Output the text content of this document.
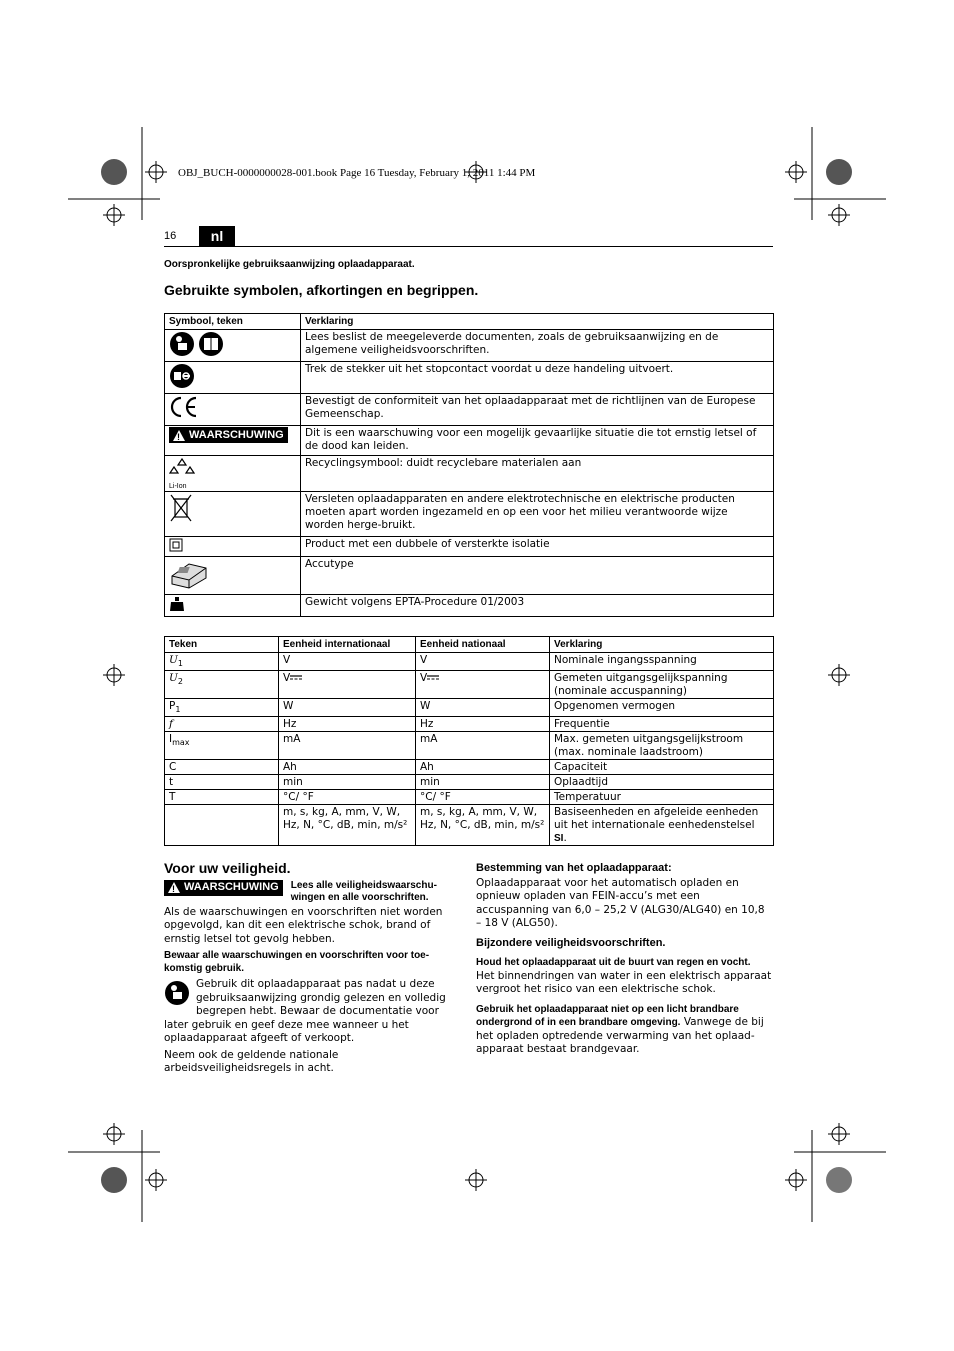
OBJ_BUCH-0000000028-001.book Page 16 Tuesday, February 1, 2011 1:44 PM
16	nl
Oorspronkelijke gebruiksaanwijzing oplaadapparaat.
Gebruikte symbolen, afkortingen en begrippen.
Symbool, teken	Verklaring
	Lees beslist de meegeleverde documenten, zoals de gebruiksaanwijzing en de algemene veiligheidsvoorschriften.
	Trek de stekker uit het stopcontact voordat u deze handeling uitvoert.
	Bevestigt de conformiteit van het oplaadapparaat met de richtlijnen van de Europese Gemeenschap.

!
WAARSCHUWING	Dit is een waarschuwing voor een mogelijk gevaarlijke situatie die tot ernstig letsel of de dood kan leiden.

Li-Ion	Recyclingsymbool: duidt recyclebare materialen aan
	Versleten oplaadapparaten en andere elektrotechnische en elektrische producten moeten apart worden ingezameld en op een voor het milieu verantwoorde wijze worden herge-bruikt.
	Product met een dubbele of versterkte isolatie
	Accutype
	Gewicht volgens EPTA-Procedure 01/2003
Teken	Eenheid internationaal	Eenheid nationaal	Verklaring
$U_1$	V	V	Nominale ingangsspanning
$U_2$	V	V	Gemeten uitgangsgelijkspanning (nominale accuspanning)
$P_1$	W	W	Opgenomen vermogen
f	Hz	Hz	Frequentie
$I_{max}$	mA	mA	Max. gemeten uitgangsgelijkstroom (max. nominale laadstroom)
C	Ah	Ah	Capaciteit
t	min	min	Oplaadtijd
T	°C/ °F	°C/ °F	Temperatuur
	m, s, kg, A, mm, V, W, Hz, N, °C, dB, min, m/s²	m, s, kg, A, mm, V, W, Hz, N, °C, dB, min, m/s²	Basiseenheden en afgeleide eenheden uit het internationale eenhedenstelsel SI.
Voor uw veiligheid.
!
WAARSCHUWING Lees alle veiligheidswaarschu-wingen en alle voorschriften.

Als de waarschuwingen en voorschriften niet worden opgevolgd, kan dit een elektrische schok, brand of ernstig letsel tot gevolg hebben.

Bewaar alle waarschuwingen en voorschriften voor toe-komstig gebruik.

Gebruik dit oplaadapparaat pas nadat u deze gebruiksaanwijzing grondig gelezen en volledig begrepen hebt. Bewaar de documentatie voor later gebruik en geef deze mee wanneer u het oplaadapparaat afgeeft of verkoopt.

Neem ook de geldende nationale arbeidsveiligheidsregels in acht.

Bestemming van het oplaadapparaat:

Oplaadapparaat voor het automatisch opladen en opnieuw opladen van FEIN-accu’s met een accuspanning van 6,0 – 25,2 V (ALG30/ALG40) en 10,8 – 18 V (ALG50).

Bijzondere veiligheidsvoorschriften.

Houd het oplaadapparaat uit de buurt van regen en vocht.
Het binnendringen van water in een elektrisch apparaat vergroot het risico van een elektrische schok.

Gebruik het oplaadapparaat niet op een licht brandbare ondergrond of in een brandbare omgeving. Vanwege de bij het opladen optredende verwarming van het oplaad-apparaat bestaat brandgevaar.
